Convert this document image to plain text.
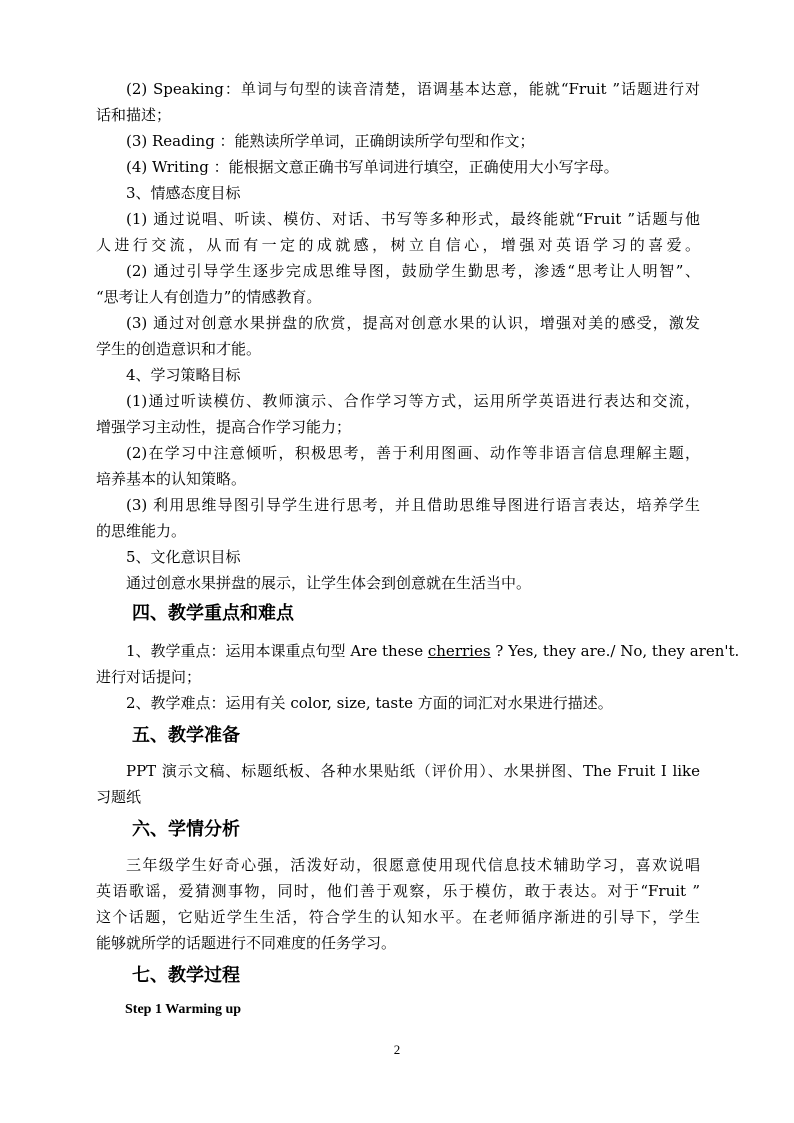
(2) Speaking：单词与句型的读音清楚，语调基本达意，能就“Fruit ”话题进行对

话和描述；

(3) Reading ：能熟读所学单词，正确朗读所学句型和作文；

(4) Writing ：能根据文意正确书写单词进行填空，正确使用大小写字母。

3、情感态度目标

(1) 通过说唱、听读、模仿、对话、书写等多种形式，最终能就“Fruit ”话题与他

人进行交流，从而有一定的成就感，树立自信心，增强对英语学习的喜爱。

(2) 通过引导学生逐步完成思维导图，鼓励学生勤思考，渗透“思考让人明智”、

“思考让人有创造力”的情感教育。

(3) 通过对创意水果拼盘的欣赏，提高对创意水果的认识，增强对美的感受，激发

学生的创造意识和才能。

4、学习策略目标

(1)通过听读模仿、教师演示、合作学习等方式，运用所学英语进行表达和交流，

增强学习主动性，提高合作学习能力；

(2)在学习中注意倾听，积极思考，善于利用图画、动作等非语言信息理解主题，

培养基本的认知策略。

(3) 利用思维导图引导学生进行思考，并且借助思维导图进行语言表达，培养学生

的思维能力。

5、文化意识目标

通过创意水果拼盘的展示，让学生体会到创意就在生活当中。

四、教学重点和难点

1、教学重点：运用本课重点句型 Are these cherries ? Yes, they are./ No, they aren't.

进行对话提问；

2、教学难点：运用有关 color, size, taste 方面的词汇对水果进行描述。

五、教学准备

PPT 演示文稿、标题纸板、各种水果贴纸（评价用）、水果拼图、The Fruit I like

习题纸

六、学情分析

三年级学生好奇心强，活泼好动，很愿意使用现代信息技术辅助学习，喜欢说唱

英语歌谣，爱猜测事物，同时，他们善于观察，乐于模仿，敢于表达。对于“Fruit ”

这个话题，它贴近学生生活，符合学生的认知水平。在老师循序渐进的引导下，学生

能够就所学的话题进行不同难度的任务学习。

七、教学过程

Step 1 Warming up

2
